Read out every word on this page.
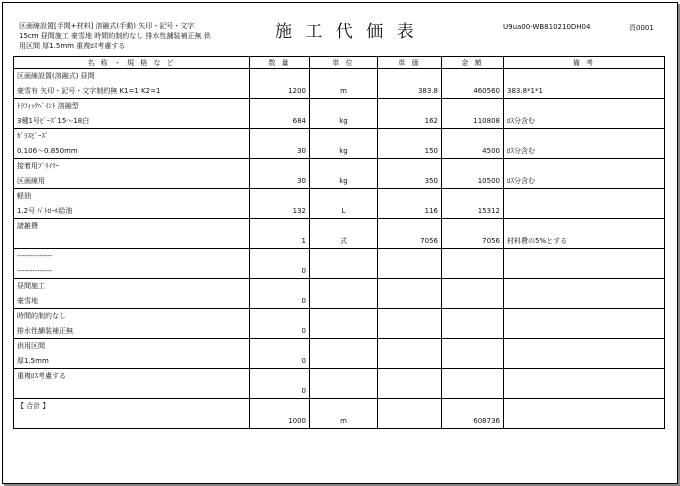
区画線設置[手間+材料] 溶融式(手動) 矢印・記号・文字
15cm 昼間施工 豪雪地 時間的制約なし 排水性舗装補正無 供
用区間 厚1.5mm 重複ﾛｽ考慮する
施 工 代 価 表	U9ua00-WB810210DH04	頁0001
名 称 ・ 規 格 な ど	数 量	単 位	単 価	金 額	備 考
区画線設置(溶融式) 昼間					
豪雪有 矢印・記号・文字制約無 K1=1 K2=1	1200	m	383.8	460560	383.8*1*1
ﾄﾗﾌｨｯｸﾍﾟｲﾝﾄ 溶融型					
3種1号ﾋﾞｰｽﾞ15～18白	684	kg	162	110808	ﾛｽ分含む
ｶﾞﾗｽﾋﾞｰｽﾞ					
0.106～0.850mm	30	kg	150	4500	ﾛｽ分含む
接着用ﾌﾟﾗｲﾏｰ					
区画線用	30	kg	350	10500	ﾛｽ分含む
軽油					
1.2号 ﾊﾟﾄﾛｰﾙ給油	132	L	116	15312	
諸雑費					
	1	式	7056	7056	材料費の5%とする
--------------					
--------------	0				
昼間施工					
豪雪地	0				
時間的制約なし					
排水性舗装補正無	0				
供用区間					
厚1.5mm	0				
重複ﾛｽ考慮する					
	0				
【 合計 】					
	1000	m		608736	
